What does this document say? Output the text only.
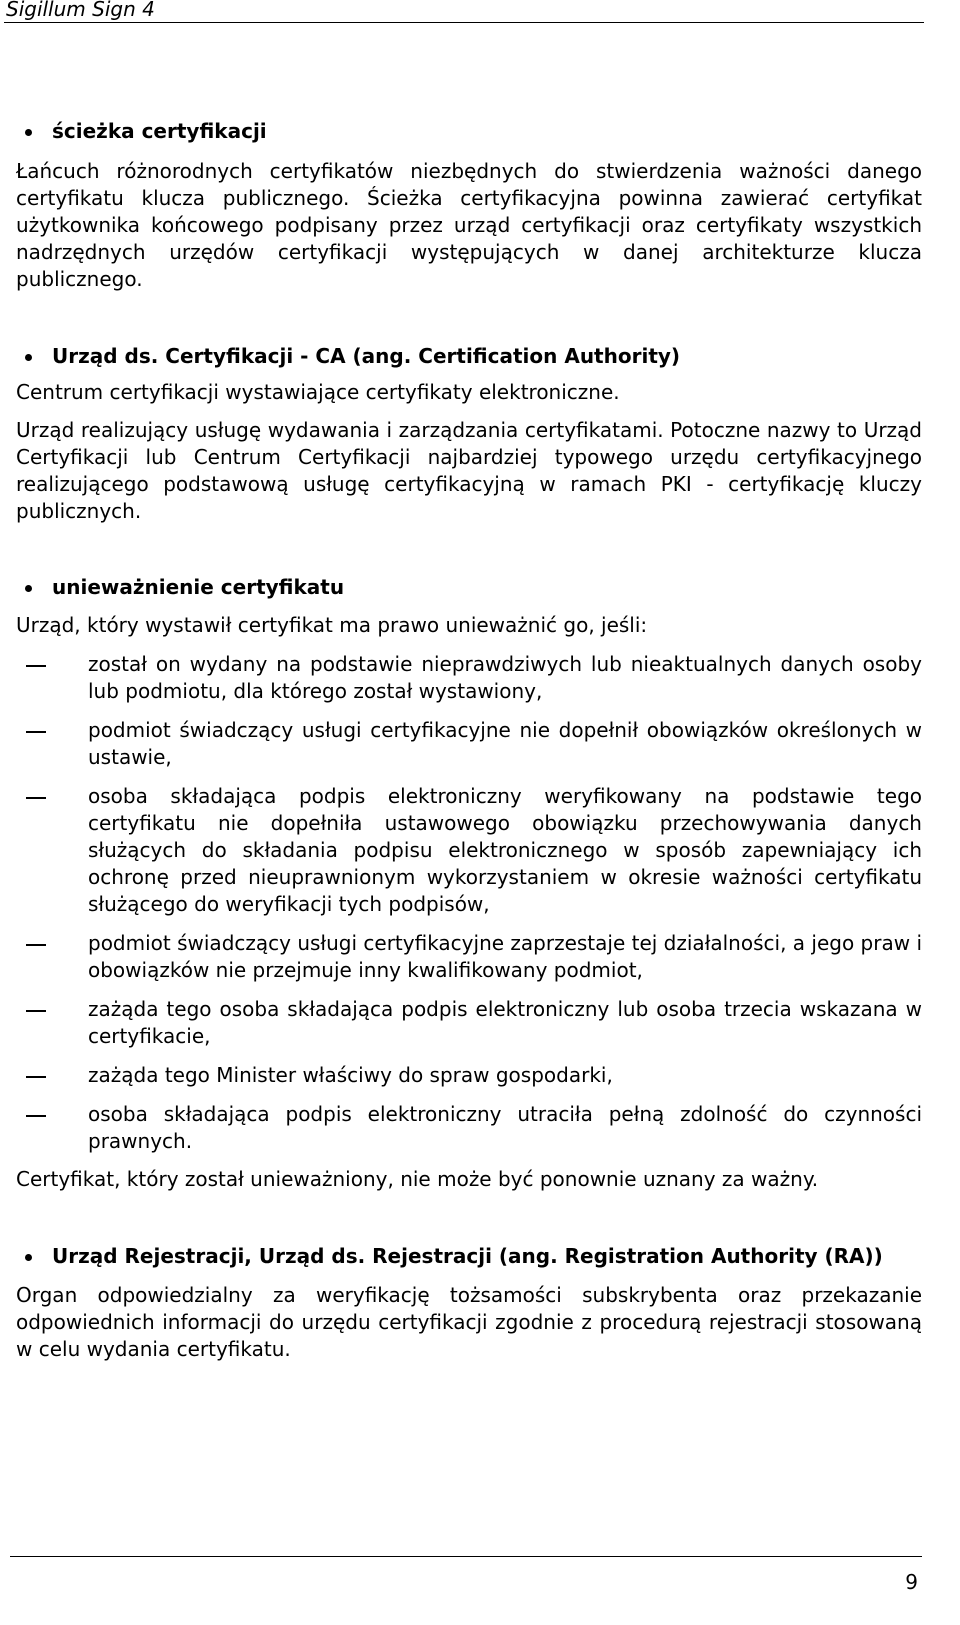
Sigillum Sign 4

ścieżka certyfikacji

Łańcuch różnorodnych certyfikatów niezbędnych do stwierdzenia ważności danego certyfikatu klucza publicznego. Ścieżka certyfikacyjna powinna zawierać certyfikat użytkownika końcowego podpisany przez urząd certyfikacji oraz certyfikaty wszystkich nadrzędnych urzędów certyfikacji występujących w danej architekturze klucza publicznego.

Urząd ds. Certyfikacji - CA (ang. Certification Authority)

Centrum certyfikacji wystawiające certyfikaty elektroniczne.

Urząd realizujący usługę wydawania i zarządzania certyfikatami. Potoczne nazwy to Urząd Certyfikacji lub Centrum Certyfikacji najbardziej typowego urzędu certyfikacyjnego realizującego podstawową usługę certyfikacyjną w ramach PKI - certyfikację kluczy publicznych.

unieważnienie certyfikatu

Urząd, który wystawił certyfikat ma prawo unieważnić go, jeśli:

został on wydany na podstawie nieprawdziwych lub nieaktualnych danych osoby lub podmiotu, dla którego został wystawiony,

podmiot świadczący usługi certyfikacyjne nie dopełnił obowiązków określonych w ustawie,

osoba składająca podpis elektroniczny weryfikowany na podstawie tego certyfikatu nie dopełniła ustawowego obowiązku przechowywania danych służących do składania podpisu elektronicznego w sposób zapewniający ich ochronę przed nieuprawnionym wykorzystaniem w okresie ważności certyfikatu służącego do weryfikacji tych podpisów,

podmiot świadczący usługi certyfikacyjne zaprzestaje tej działalności, a jego praw i obowiązków nie przejmuje inny kwalifikowany podmiot,

zażąda tego osoba składająca podpis elektroniczny lub osoba trzecia wskazana w certyfikacie,

zażąda tego Minister właściwy do spraw gospodarki,

osoba składająca podpis elektroniczny utraciła pełną zdolność do czynności prawnych.

Certyfikat, który został unieważniony, nie może być ponownie uznany za ważny.

Urząd Rejestracji, Urząd ds. Rejestracji (ang. Registration Authority (RA))

Organ odpowiedzialny za weryfikację tożsamości subskrybenta oraz przekazanie odpowiednich informacji do urzędu certyfikacji zgodnie z procedurą rejestracji stosowaną w celu wydania certyfikatu.

9
